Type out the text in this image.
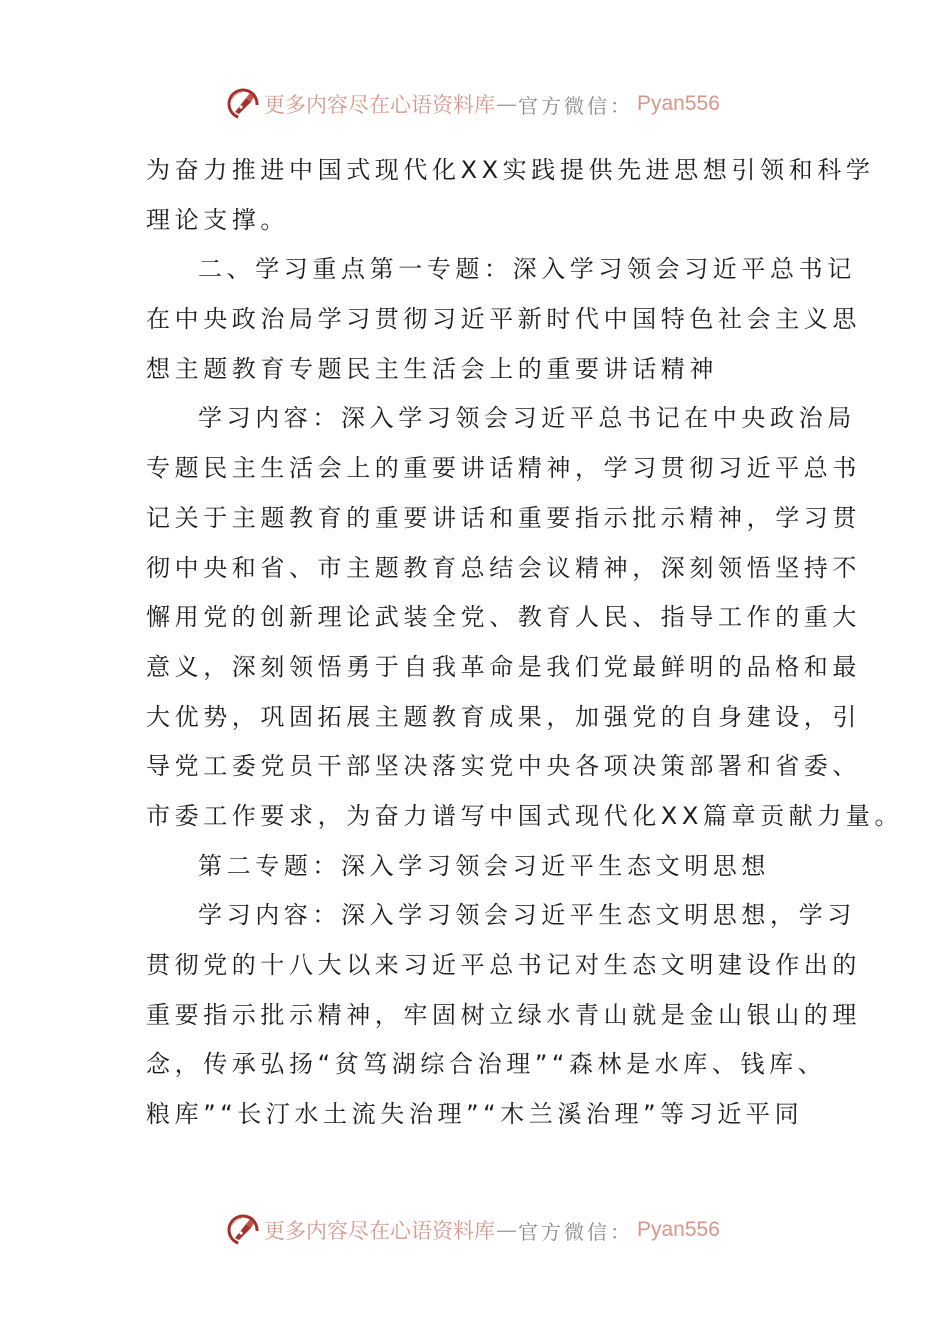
更多内容尽在心语资料库 — 官方微信： Pyan556
为奋力推进中国式现代化XX实践提供先进思想引领和科学
理论支撑。
二、学习重点第一专题：深入学习领会习近平总书记
在中央政治局学习贯彻习近平新时代中国特色社会主义思
想主题教育专题民主生活会上的重要讲话精神
学习内容：深入学习领会习近平总书记在中央政治局
专题民主生活会上的重要讲话精神，学习贯彻习近平总书
记关于主题教育的重要讲话和重要指示批示精神，学习贯
彻中央和省、市主题教育总结会议精神，深刻领悟坚持不
懈用党的创新理论武装全党、教育人民、指导工作的重大
意义，深刻领悟勇于自我革命是我们党最鲜明的品格和最
大优势，巩固拓展主题教育成果，加强党的自身建设，引
导党工委党员干部坚决落实党中央各项决策部署和省委、
市委工作要求，为奋力谱写中国式现代化XX篇章贡献力量。
第二专题：深入学习领会习近平生态文明思想
学习内容：深入学习领会习近平生态文明思想，学习
贯彻党的十八大以来习近平总书记对生态文明建设作出的
重要指示批示精神，牢固树立绿水青山就是金山银山的理
念，传承弘扬“贫笃湖综合治理”“森林是水库、钱库、
粮库”“长汀水土流失治理”“木兰溪治理”等习近平同
更多内容尽在心语资料库 — 官方微信： Pyan556
